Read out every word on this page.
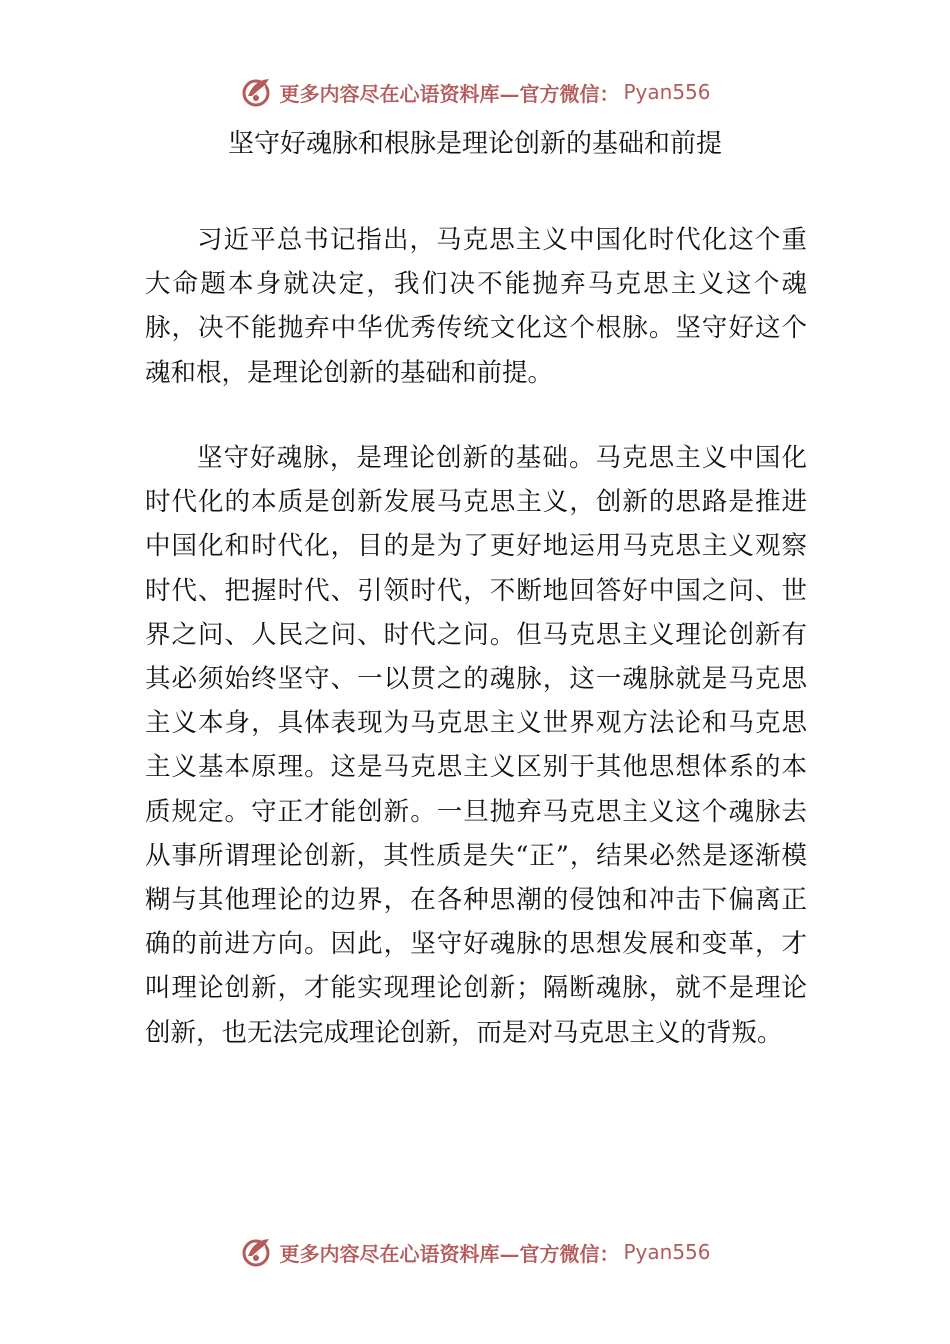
更多内容尽在心语资料库—官方微信： Pyan556
坚守好魂脉和根脉是理论创新的基础和前提

习近平总书记指出，马克思主义中国化时代化这个重大命题本身就决定，我们决不能抛弃马克思主义这个魂脉，决不能抛弃中华优秀传统文化这个根脉。坚守好这个魂和根，是理论创新的基础和前提。

坚守好魂脉，是理论创新的基础。马克思主义中国化时代化的本质是创新发展马克思主义，创新的思路是推进中国化和时代化，目的是为了更好地运用马克思主义观察时代、把握时代、引领时代，不断地回答好中国之问、世界之问、人民之问、时代之问。但马克思主义理论创新有其必须始终坚守、一以贯之的魂脉，这一魂脉就是马克思主义本身，具体表现为马克思主义世界观方法论和马克思主义基本原理。这是马克思主义区别于其他思想体系的本质规定。守正才能创新。一旦抛弃马克思主义这个魂脉去从事所谓理论创新，其性质是失“正”，结果必然是逐渐模糊与其他理论的边界，在各种思潮的侵蚀和冲击下偏离正确的前进方向。因此，坚守好魂脉的思想发展和变革，才叫理论创新，才能实现理论创新；隔断魂脉，就不是理论创新，也无法完成理论创新，而是对马克思主义的背叛。

更多内容尽在心语资料库—官方微信： Pyan556
